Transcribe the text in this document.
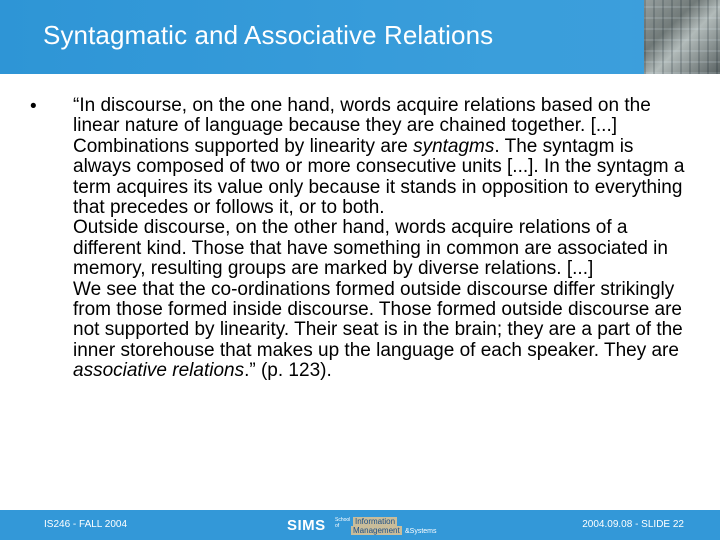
Syntagmatic and Associative Relations
• “In discourse, on the one hand, words acquire relations based on the linear nature of language because they are chained together. [...] Combinations supported by linearity are syntagms. The syntagm is always composed of two or more consecutive units [...]. In the syntagm a term acquires its value only because it stands in opposition to everything that precedes or follows it, or to both.

Outside discourse, on the other hand, words acquire relations of a different kind. Those that have something in common are associated in memory, resulting groups are marked by diverse relations. [...]

We see that the co-ordinations formed outside discourse differ strikingly from those formed inside discourse. Those formed outside discourse are not supported by linearity. Their seat is in the brain; they are a part of the inner storehouse that makes up the language of each speaker. They are associative relations.” (p. 123).

IS246 - FALL 2004	SIMS School of	Information
Management &Systems
2004.09.08 - SLIDE 22
